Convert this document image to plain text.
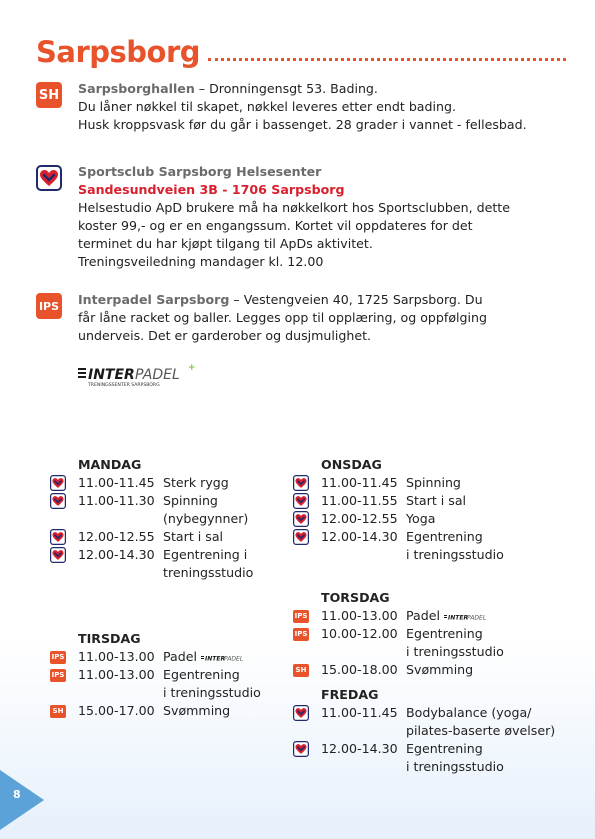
Sarpsborg
SH Sarpsborghallen – Dronningensgt 53. Bading.
Du låner nøkkel til skapet, nøkkel leveres etter endt bading.
Husk kroppsvask før du går i bassenget. 28 grader i vannet - fellesbad.
Sportsclub Sarpsborg Helsesenter
Sandesundveien 3B - 1706 Sarpsborg
Helsestudio ApD brukere må ha nøkkelkort hos Sportsclubben, dette
koster 99,- og er en engangssum. Kortet vil oppdateres for det
terminet du har kjøpt tilgang til ApDs aktivitet.
Treningsveiledning mandager kl. 12.00
IPS Interpadel Sarpsborg – Vestengveien 40, 1725 Sarpsborg. Du
får låne racket og baller. Legges opp til opplæring, og oppfølging
underveis. Det er garderober og dusjmulighet.
INTER PADEL +
TRENINGSSENTER SARPSBORG
MANDAG
11.00-11.45 Sterk rygg
11.00-11.30 Spinning
(nybegynner)
12.00-12.55 Start i sal
12.00-14.30 Egentrening i
treningsstudio
TIRSDAG
IPS 11.00-13.00 Padel INTER
PADEL
IPS 11.00-13.00 Egentrening
i treningsstudio
SH 15.00-17.00 Svømming
ONSDAG
11.00-11.45 Spinning
11.00-11.55 Start i sal
12.00-12.55 Yoga
12.00-14.30 Egentrening
i treningsstudio
TORSDAG
IPS 11.00-13.00 Padel INTER
PADEL
IPS 10.00-12.00 Egentrening
i treningsstudio
SH 15.00-18.00 Svømming
FREDAG
11.00-11.45 Bodybalance (yoga/
pilates-baserte øvelser)
12.00-14.30 Egentrening
i treningsstudio
8
